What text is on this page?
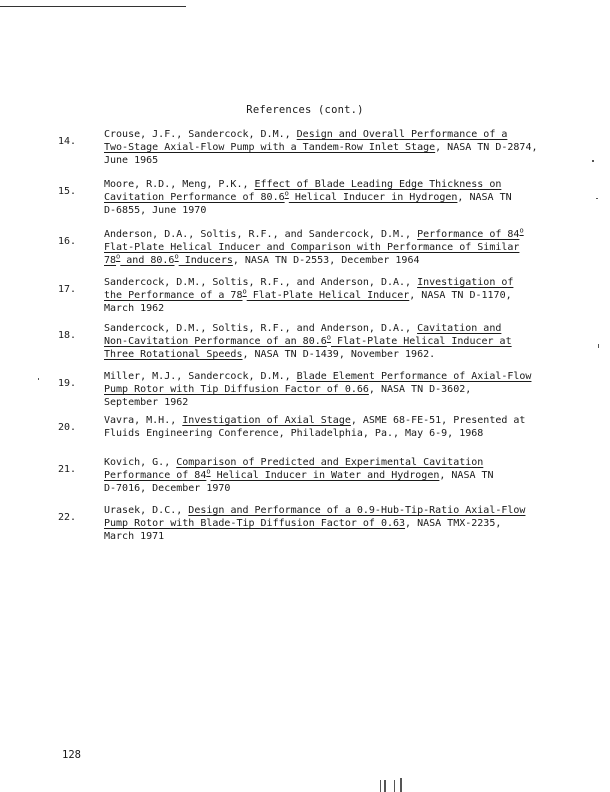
References (cont.)
14.
Crouse, J.F., Sandercock, D.M., Design and Overall Performance of a
Two-Stage Axial-Flow Pump with a Tandem-Row Inlet Stage, NASA TN D-2874,
June 1965
15.
Moore, R.D., Meng, P.K., Effect of Blade Leading Edge Thickness on
Cavitation Performance of 80.6$^o$ Helical Inducer in Hydrogen, NASA TN
D-6855, June 1970
16.
Anderson, D.A., Soltis, R.F., and Sandercock, D.M., Performance of 84$^o$
Flat-Plate Helical Inducer and Comparison with Performance of Similar
78$^o$ and 80.6$^o$ Inducers, NASA TN D-2553, December 1964
17.
Sandercock, D.M., Soltis, R.F., and Anderson, D.A., Investigation of
the Performance of a 78$^o$ Flat-Plate Helical Inducer, NASA TN D-1170,
March 1962
18.
Sandercock, D.M., Soltis, R.F., and Anderson, D.A., Cavitation and
Non-Cavitation Performance of an 80.6$^o$ Flat-Plate Helical Inducer at
Three Rotational Speeds, NASA TN D-1439, November 1962.
19.
Miller, M.J., Sandercock, D.M., Blade Element Performance of Axial-Flow
Pump Rotor with Tip Diffusion Factor of 0.66, NASA TN D-3602,
September 1962
20.
Vavra, M.H., Investigation of Axial Stage, ASME 68-FE-51, Presented at
Fluids Engineering Conference, Philadelphia, Pa., May 6-9, 1968
21.
Kovich, G., Comparison of Predicted and Experimental Cavitation
Performance of 84$^o$ Helical Inducer in Water and Hydrogen, NASA TN
D-7016, December 1970
22.
Urasek, D.C., Design and Performance of a 0.9-Hub-Tip-Ratio Axial-Flow
Pump Rotor with Blade-Tip Diffusion Factor of 0.63, NASA TMX-2235,
March 1971
128
